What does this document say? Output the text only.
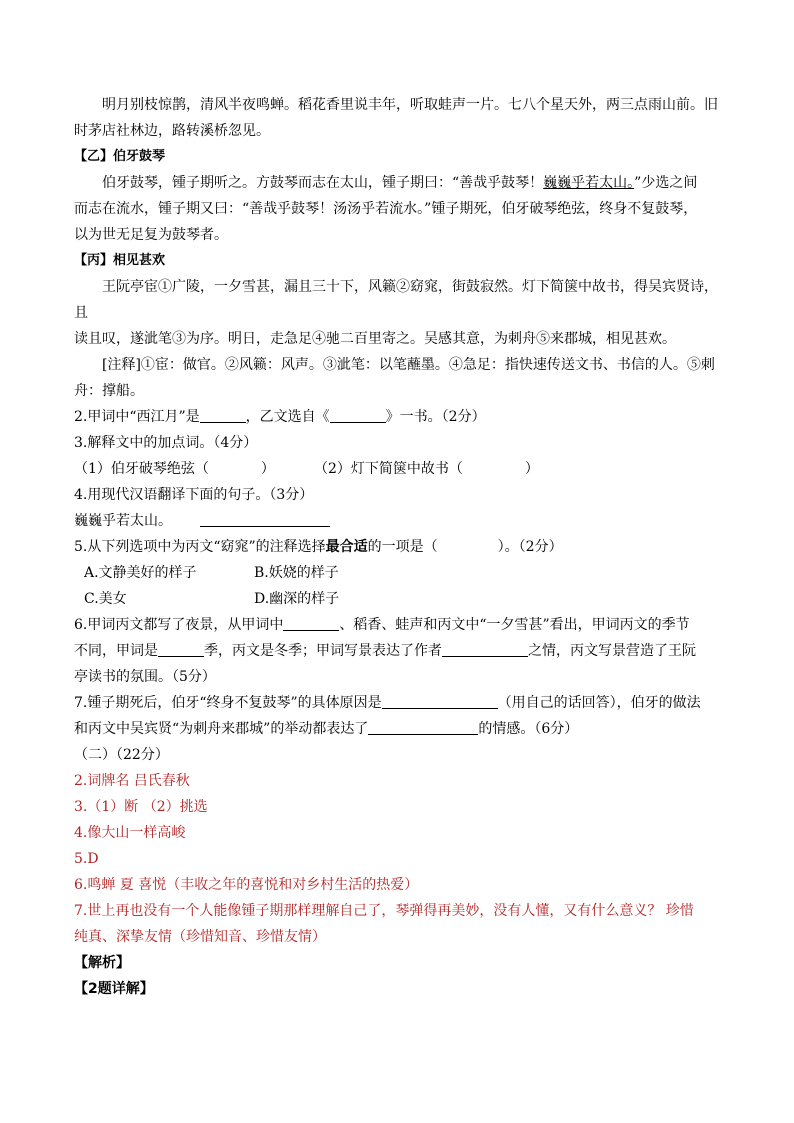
明月别枝惊鹊，清风半夜鸣蝉。稻花香里说丰年，听取蛙声一片。七八个星天外，两三点雨山前。旧

时茅店社林边，路转溪桥忽见。

【乙】伯牙鼓琴

伯牙鼓琴，锺子期听之。方鼓琴而志在太山，锺子期曰：“善哉乎鼓琴！巍巍乎若太山。”少选之间

而志在流水，锺子期又曰：“善哉乎鼓琴！汤汤乎若流水。”锺子期死，伯牙破琴绝弦，终身不复鼓琴，

以为世无足复为鼓琴者。

【丙】相见甚欢

王阮亭宦①广陵，一夕雪甚，漏且三十下，风籁②窈窕，街鼓寂然。灯下简箧中故书，得吴宾贤诗，且

读且叹，遂泚笔③为序。明日，走急足④驰二百里寄之。吴感其意，为刺舟⑤来郡城，相见甚欢。

[注释]①宦：做官。②风籁：风声。③泚笔：以笔蘸墨。④急足：指快速传送文书、书信的人。⑤刺

舟：撑船。

2.甲词中“西江月”是	，乙文选自《	》一书。（2分）

3.解释文中的加点词。（4分）

（1）伯牙破琴绝弦（	）	（2）灯下简箧中故书（	）

4.用现代汉语翻译下面的句子。（3分）

巍巍乎若太山。

5.从下列选项中为丙文“窈窕”的注释选择最合适的一项是（	）。（2分）

A.文静美好的样子	B.妖娆的样子

C.美女	D.幽深的样子

6.甲词丙文都写了夜景，从甲词中	、稻香、蛙声和丙文中“一夕雪甚”看出，甲词丙文的季节

不同，甲词是	季，丙文是冬季；甲词写景表达了作者	之情，丙文写景营造了王阮

亭读书的氛围。（5分）

7.锺子期死后，伯牙“终身不复鼓琴”的具体原因是	（用自己的话回答），伯牙的做法

和丙文中吴宾贤“为刺舟来郡城”的举动都表达了	的情感。（6分）

（二）（22分）

2.词牌名 吕氏春秋

3.（1）断 （2）挑选

4.像大山一样高峻

5.D

6.鸣蝉 夏 喜悦（丰收之年的喜悦和对乡村生活的热爱）

7.世上再也没有一个人能像锺子期那样理解自己了，琴弹得再美妙，没有人懂，又有什么意义？ 珍惜

纯真、深挚友情（珍惜知音、珍惜友情）

【解析】

【2题详解】
